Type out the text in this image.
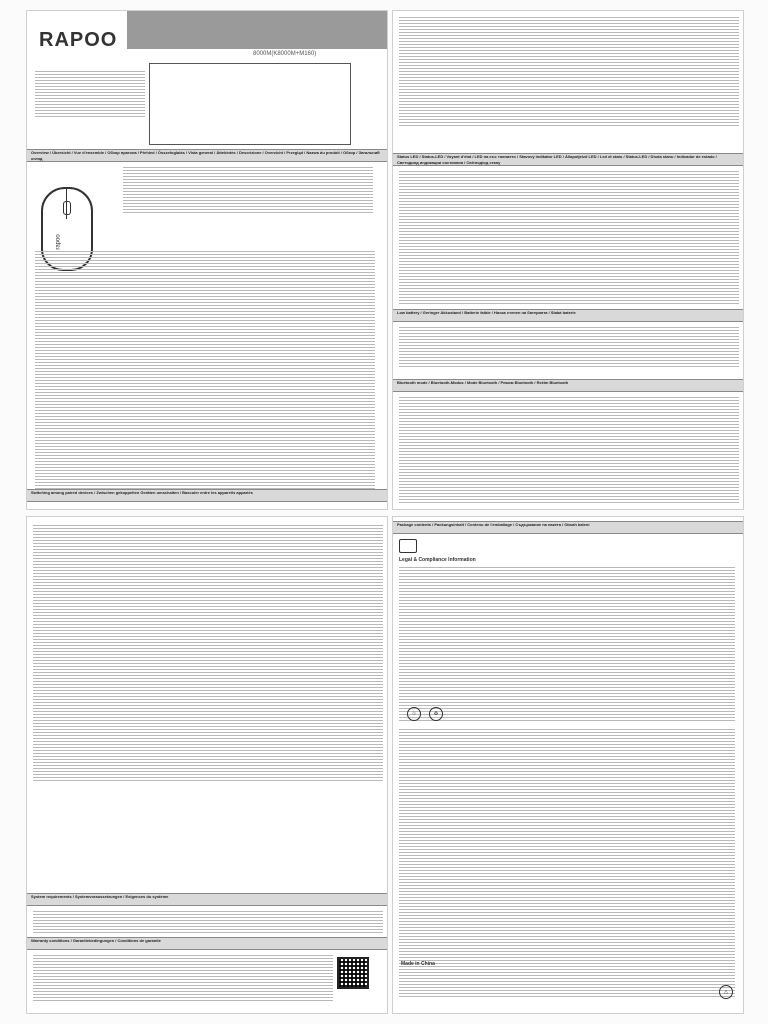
RAPOO

8000M(K8000M+M160)
Overview / Übersicht / Vue d'ensemble / Обзор прагона / Přehled / Összefoglalás / Vista general / Áttekintés / Descrizione / Overzicht / Przegląd / Nazwa du produit / Обзор / Загальний огляд
rapoo
Switching among paired devices / Zwischen gekoppelten Geräten umschalten / Basculer entre les appareils appariés
Status LED / Status-LED / Voyant d'état / LED на със тоянието / Stavový indikátor LED / Állapotjelző LED / Led di stato / Status-LED / Dioda stanu / Indicador de estado / Светодиод индикации состояния / Світлодіод стану
Low battery / Geringer Akkustand / Batterie faible / Ниска степен на батерията / Slabá baterie
Bluetooth mode / Bluetooth-Modus / Mode Bluetooth / Режим Bluetooth / Režim Bluetooth
System requirements / Systemvoraussetzungen / Exigences du système
Warranty conditions / Garantiebedingungen / Conditions de garantie
Package contents / Packungsinhalt / Contenu de l'emballage / Съдържание на пакета / Obsah balení
Legal & Compliance Information
♲	♻
Made in China
△
